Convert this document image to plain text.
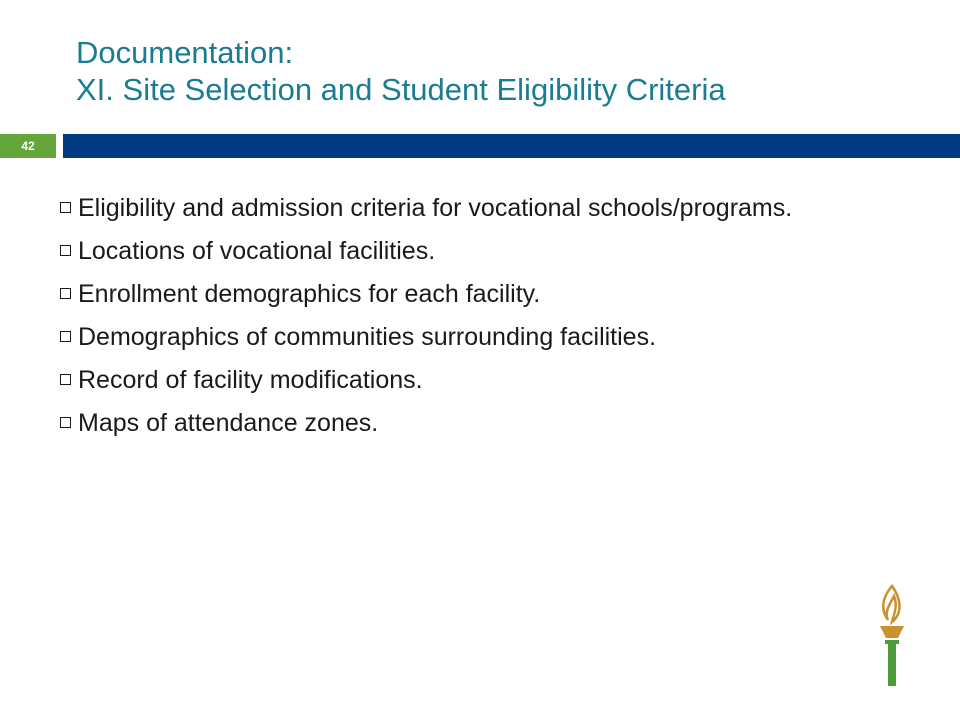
Documentation:
XI. Site Selection and Student Eligibility Criteria
42
Eligibility and admission criteria for vocational schools/programs.
Locations of vocational facilities.
Enrollment demographics for each facility.
Demographics of communities surrounding facilities.
Record of facility modifications.
Maps of attendance zones.
